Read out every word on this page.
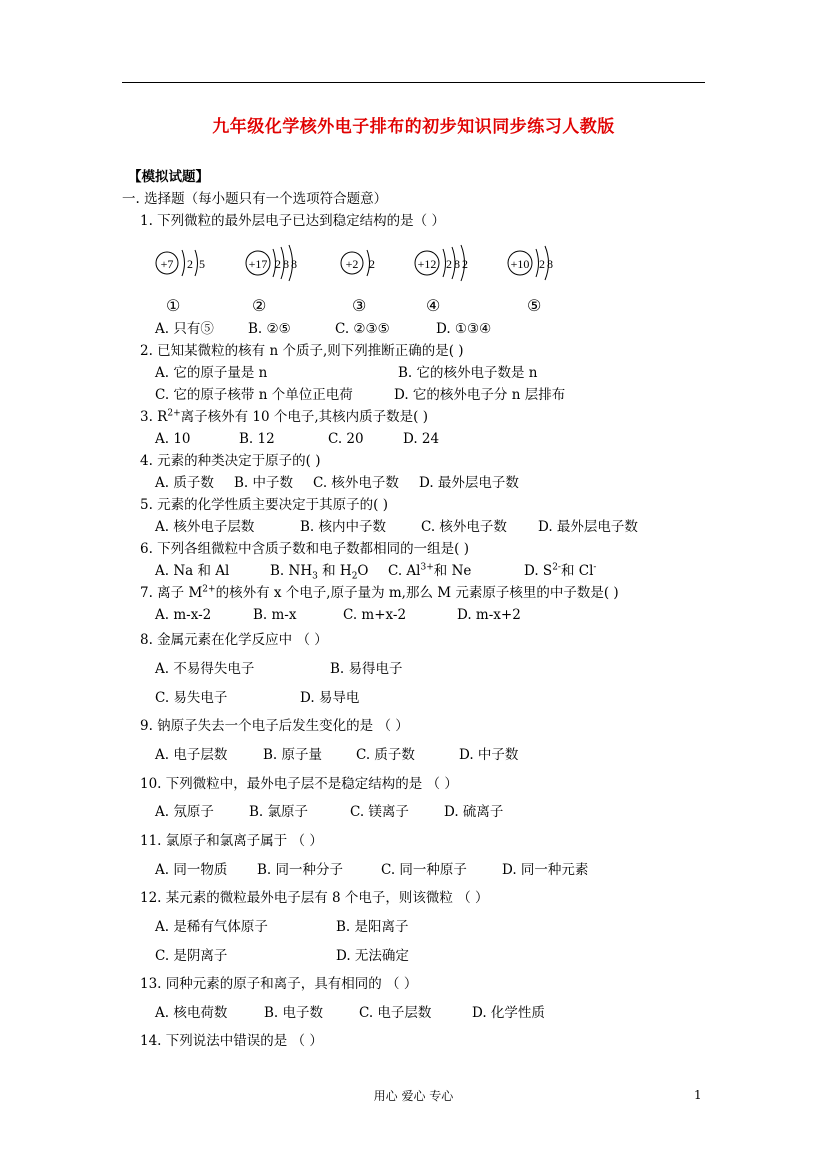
九年级化学核外电子排布的初步知识同步练习人教版
【模拟试题】
一. 选择题（每小题只有一个选项符合题意）
1. 下列微粒的最外层电子已达到稳定结构的是（ ）
+7 2 5	+17 2 8 8	+2 2	+12 2 8 2	+10 2 8
①	②	③	④	⑤
A. 只有⑤	B. ②⑤	C. ②③⑤	D. ①③④
2. 已知某微粒的核有 n 个质子,则下列推断正确的是( )
A. 它的原子量是 n	B. 它的核外电子数是 n
C. 它的原子核带 n 个单位正电荷	D. 它的核外电子分 n 层排布
3. $R^{2+}$离子核外有 10 个电子,其核内质子数是( )
A. 10	B. 12	C. 20	D. 24
4. 元素的种类决定于原子的( )
A. 质子数 B. 中子数 C. 核外电子数 D. 最外层电子数
5. 元素的化学性质主要决定于其原子的( )
A. 核外电子层数	B. 核内中子数	C. 核外电子数 D. 最外层电子数
6. 下列各组微粒中含质子数和电子数都相同的一组是( )
A. Na 和 Al	B. $NH_3$ 和 $H_2O$ C. $Al^{3+}$和 Ne	D. $S^{2-}$和 Cl-
7. 离子 $M^{2+}$的核外有 x 个电子,原子量为 m,那么 M 元素原子核里的中子数是( )
A. m-x-2	B. m-x	C. m+x-2	D. m-x+2
8. 金属元素在化学反应中 （ ）
A. 不易得失电子	B. 易得电子
C. 易失电子	D. 易导电
9. 钠原子失去一个电子后发生变化的是 （ ）
A. 电子层数	B. 原子量	C. 质子数	D. 中子数
10. 下列微粒中，最外电子层不是稳定结构的是 （ ）
A. 氖原子	B. 氯原子	C. 镁离子	D. 硫离子
11. 氯原子和氯离子属于 （ ）
A. 同一物质 B. 同一种分子	C. 同一种原子	D. 同一种元素
12. 某元素的微粒最外电子层有 8 个电子，则该微粒 （ ）
A. 是稀有气体原子	B. 是阳离子
C. 是阴离子	D. 无法确定
13. 同种元素的原子和离子，具有相同的 （ ）
A. 核电荷数	B. 电子数	C. 电子层数	D. 化学性质
14. 下列说法中错误的是 （ ）
用心 爱心 专心	1
